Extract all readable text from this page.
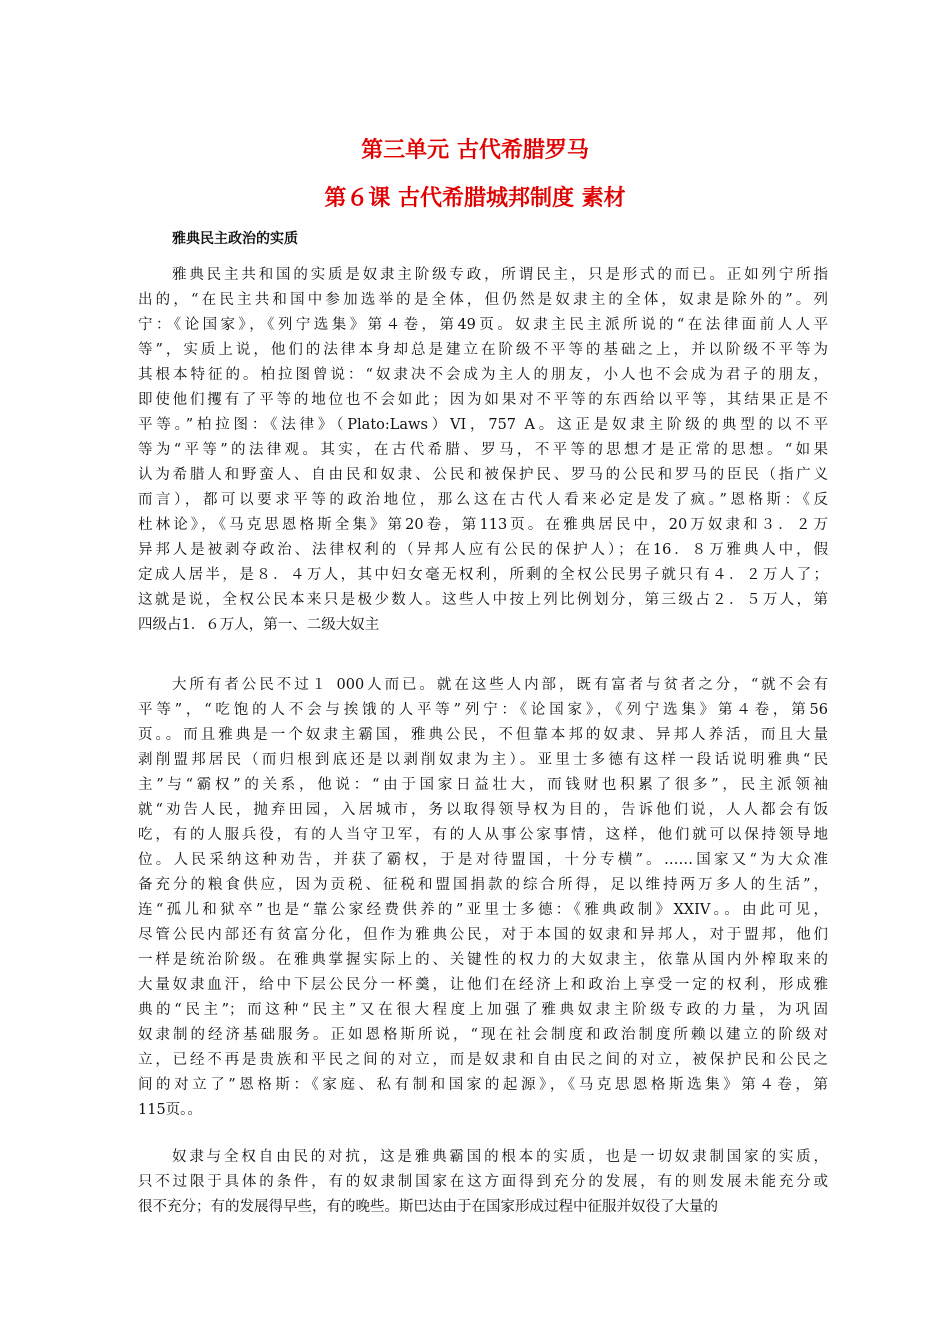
第三单元 古代希腊罗马
第６课 古代希腊城邦制度 素材
雅典民主政治的实质
雅典民主共和国的实质是奴隶主阶级专政，所谓民主，只是形式的而已。正如列宁所指
出的，“在民主共和国中参加选举的是全体，但仍然是奴隶主的全体，奴隶是除外的”。列
宁：《论国家》，《列宁选集》第４卷，第49页。奴隶主民主派所说的“在法律面前人人平
等”，实质上说，他们的法律本身却总是建立在阶级不平等的基础之上，并以阶级不平等为
其根本特征的。柏拉图曾说：“奴隶决不会成为主人的朋友，小人也不会成为君子的朋友，
即使他们攫有了平等的地位也不会如此；因为如果对不平等的东西给以平等，其结果正是不
平等。”柏拉图：《法律》（Plato:Laws）VI，757 A。这正是奴隶主阶级的典型的以不平
等为“平等”的法律观。其实，在古代希腊、罗马，不平等的思想才是正常的思想。“如果
认为希腊人和野蛮人、自由民和奴隶、公民和被保护民、罗马的公民和罗马的臣民（指广义
而言），都可以要求平等的政治地位，那么这在古代人看来必定是发了疯。”恩格斯：《反
杜林论》，《马克思恩格斯全集》第20卷，第113页。在雅典居民中，20万奴隶和３．２万
异邦人是被剥夺政治、法律权利的（异邦人应有公民的保护人）；在16．８万雅典人中，假
定成人居半，是８．４万人，其中妇女毫无权利，所剩的全权公民男子就只有４．２万人了；
这就是说，全权公民本来只是极少数人。这些人中按上列比例划分，第三级占２．５万人，第
四级占1．６万人，第一、二级大奴主
大所有者公民不过１ 000人而已。就在这些人内部，既有富者与贫者之分，“就不会有
平等”，“吃饱的人不会与挨饿的人平等”列宁：《论国家》，《列宁选集》第４卷，第56
页。。而且雅典是一个奴隶主霸国，雅典公民，不但靠本邦的奴隶、异邦人养活，而且大量
剥削盟邦居民（而归根到底还是以剥削奴隶为主）。亚里士多德有这样一段话说明雅典“民
主”与“霸权”的关系，他说：“由于国家日益壮大，而钱财也积累了很多”，民主派领袖
就“劝告人民，抛弃田园，入居城市，务以取得领导权为目的，告诉他们说，人人都会有饭
吃，有的人服兵役，有的人当守卫军，有的人从事公家事情，这样，他们就可以保持领导地
位。人民采纳这种劝告，并获了霸权，于是对待盟国，十分专横”。……国家又“为大众准
备充分的粮食供应，因为贡税、征税和盟国捐款的综合所得，足以维持两万多人的生活”，
连“孤儿和狱卒”也是“靠公家经费供养的”亚里士多德：《雅典政制》XXIV。。由此可见，
尽管公民内部还有贫富分化，但作为雅典公民，对于本国的奴隶和异邦人，对于盟邦，他们
一样是统治阶级。在雅典掌握实际上的、关键性的权力的大奴隶主，依靠从国内外榨取来的
大量奴隶血汗，给中下层公民分一杯羹，让他们在经济上和政治上享受一定的权利，形成雅
典的“民主”；而这种“民主”又在很大程度上加强了雅典奴隶主阶级专政的力量，为巩固
奴隶制的经济基础服务。正如恩格斯所说，“现在社会制度和政治制度所赖以建立的阶级对
立，已经不再是贵族和平民之间的对立，而是奴隶和自由民之间的对立，被保护民和公民之
间的对立了”恩格斯：《家庭、私有制和国家的起源》，《马克思恩格斯选集》第４卷，第
115页。。
奴隶与全权自由民的对抗，这是雅典霸国的根本的实质，也是一切奴隶制国家的实质，
只不过限于具体的条件，有的奴隶制国家在这方面得到充分的发展，有的则发展未能充分或
很不充分；有的发展得早些，有的晚些。斯巴达由于在国家形成过程中征服并奴役了大量的
